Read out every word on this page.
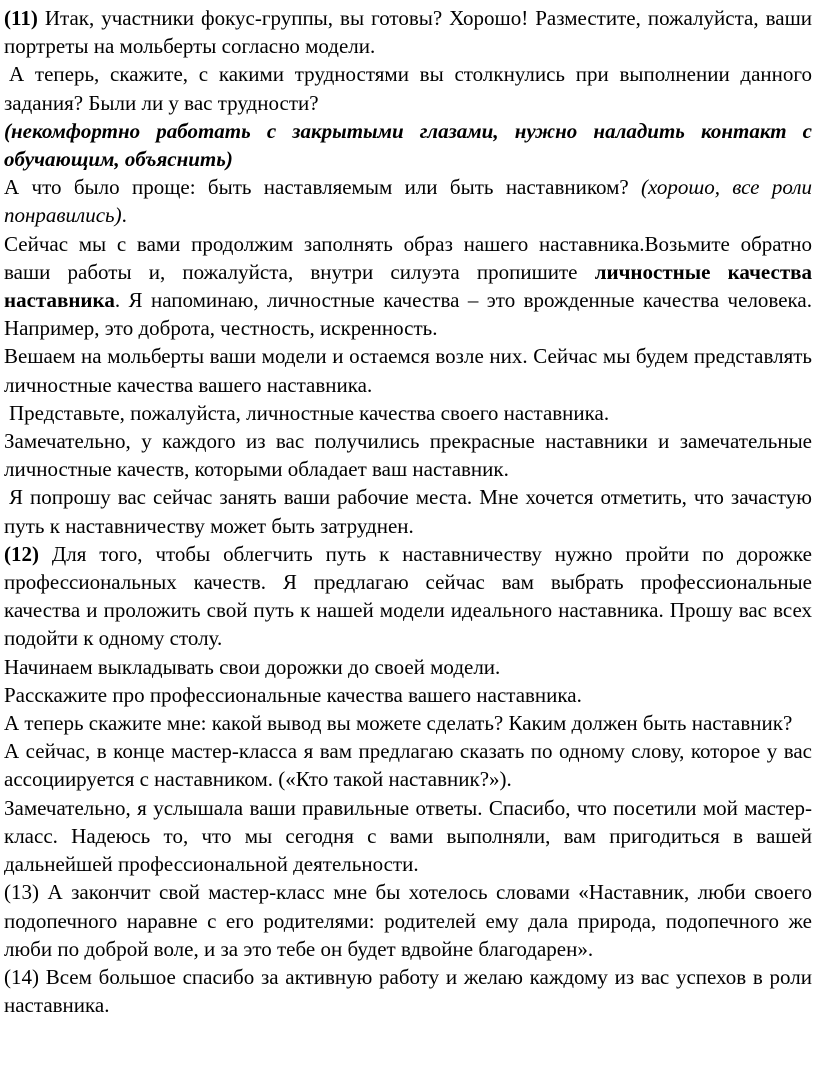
(11) Итак, участники фокус-группы, вы готовы? Хорошо! Разместите, пожалуйста, ваши портреты на мольберты согласно модели.

А теперь, скажите, с какими трудностями вы столкнулись при выполнении данного задания? Были ли у вас трудности?

(некомфортно работать с закрытыми глазами, нужно наладить контакт с обучающим, объяснить)

А что было проще: быть наставляемым или быть наставником? (хорошо, все роли понравились).

Сейчас мы с вами продолжим заполнять образ нашего наставника.Возьмите обратно ваши работы и, пожалуйста, внутри силуэта пропишите личностные качества наставника. Я напоминаю, личностные качества – это врожденные качества человека. Например, это доброта, честность, искренность.

Вешаем на мольберты ваши модели и остаемся возле них. Сейчас мы будем представлять личностные качества вашего наставника.

Представьте, пожалуйста, личностные качества своего наставника.

Замечательно, у каждого из вас получились прекрасные наставники и замечательные личностные качеств, которыми обладает ваш наставник.

Я попрошу вас сейчас занять ваши рабочие места. Мне хочется отметить, что зачастую путь к наставничеству может быть затруднен.

(12) Для того, чтобы облегчить путь к наставничеству нужно пройти по дорожке профессиональных качеств. Я предлагаю сейчас вам выбрать профессиональные качества и проложить свой путь к нашей модели идеального наставника. Прошу вас всех подойти к одному столу.

Начинаем выкладывать свои дорожки до своей модели.

Расскажите про профессиональные качества вашего наставника.

А теперь скажите мне: какой вывод вы можете сделать? Каким должен быть наставник?

А сейчас, в конце мастер-класса я вам предлагаю сказать по одному слову, которое у вас ассоциируется с наставником. («Кто такой наставник?»).

Замечательно, я услышала ваши правильные ответы. Спасибо, что посетили мой мастер-класс. Надеюсь то, что мы сегодня с вами выполняли, вам пригодиться в вашей дальнейшей профессиональной деятельности.

(13) А закончит свой мастер-класс мне бы хотелось словами «Наставник, люби своего подопечного наравне с его родителями: родителей ему дала природа, подопечного же люби по доброй воле, и за это тебе он будет вдвойне благодарен».

(14) Всем большое спасибо за активную работу и желаю каждому из вас успехов в роли наставника.
